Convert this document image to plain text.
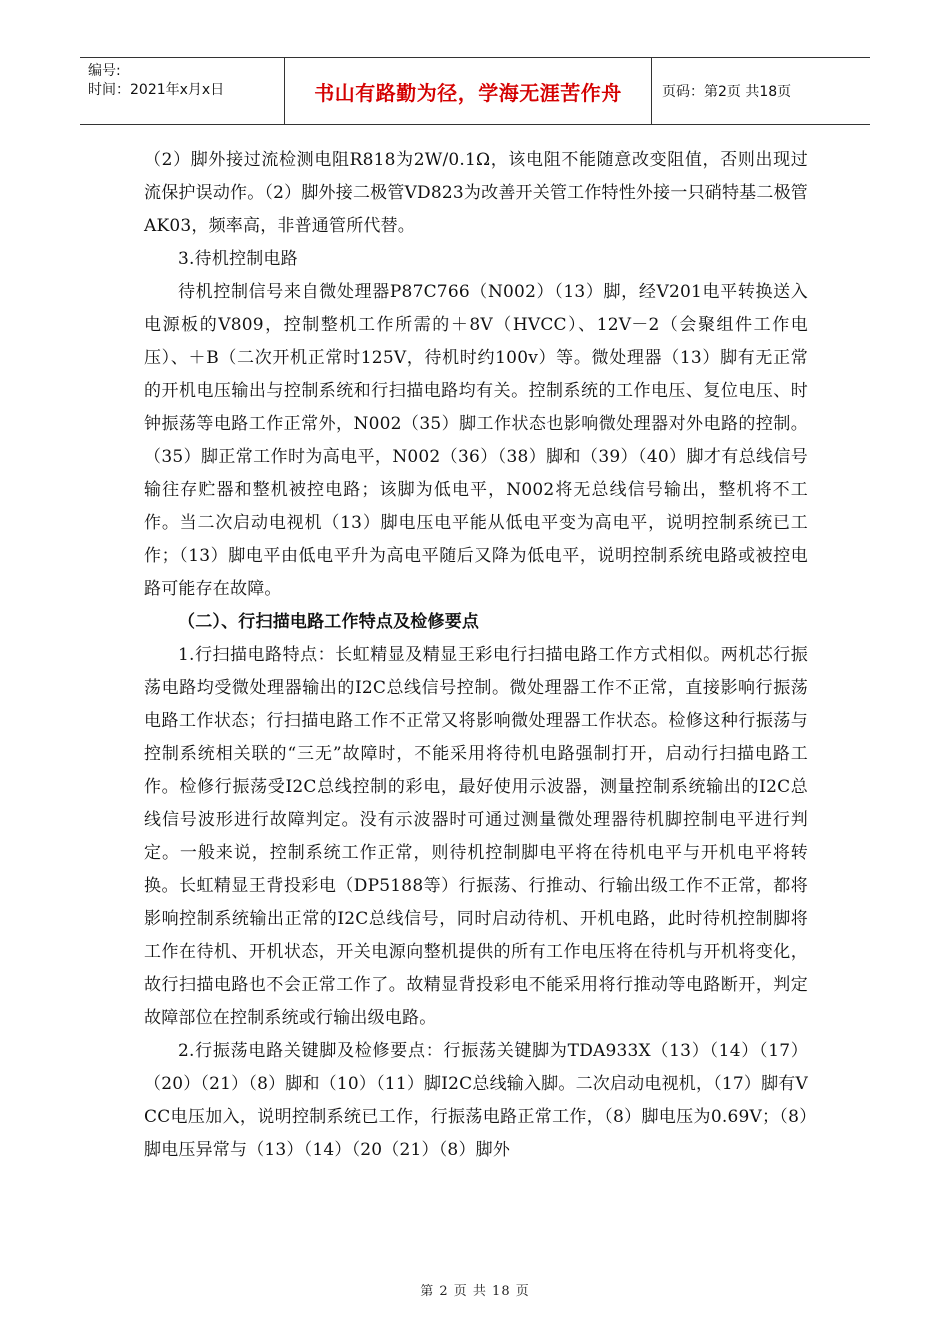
编号:
时间：2021年x月x日	书山有路勤为径，学海无涯苦作舟	页码：第2页 共18页

（2）脚外接过流检测电阻R818为2W/0.1Ω，该电阻不能随意改变阻值，否则出现过流保护误动作。（2）脚外接二极管VD823为改善开关管工作特性外接一只硝特基二极管AK03，频率高，非普通管所代替。

3.待机控制电路

待机控制信号来自微处理器P87C766（N002）（13）脚，经V201电平转换送入电源板的V809，控制整机工作所需的＋8V（HVCC）、12V－2（会聚组件工作电压）、＋B（二次开机正常时125V，待机时约100v）等。微处理器（13）脚有无正常的开机电压输出与控制系统和行扫描电路均有关。控制系统的工作电压、复位电压、时钟振荡等电路工作正常外，N002（35）脚工作状态也影响微处理器对外电路的控制。（35）脚正常工作时为高电平，N002（36）（38）脚和（39）（40）脚才有总线信号输往存贮器和整机被控电路；该脚为低电平，N002将无总线信号输出，整机将不工作。当二次启动电视机（13）脚电压电平能从低电平变为高电平，说明控制系统已工作；（13）脚电平由低电平升为高电平随后又降为低电平，说明控制系统电路或被控电路可能存在故障。

（二）、行扫描电路工作特点及检修要点

1.行扫描电路特点：长虹精显及精显王彩电行扫描电路工作方式相似。两机芯行振荡电路均受微处理器输出的I2C总线信号控制。微处理器工作不正常，直接影响行振荡电路工作状态；行扫描电路工作不正常又将影响微处理器工作状态。检修这种行振荡与控制系统相关联的“三无”故障时，不能采用将待机电路强制打开，启动行扫描电路工作。检修行振荡受I2C总线控制的彩电，最好使用示波器，测量控制系统输出的I2C总线信号波形进行故障判定。没有示波器时可通过测量微处理器待机脚控制电平进行判定。一般来说，控制系统工作正常，则待机控制脚电平将在待机电平与开机电平将转换。长虹精显王背投彩电（DP5188等）行振荡、行推动、行输出级工作不正常，都将影响控制系统输出正常的I2C总线信号，同时启动待机、开机电路，此时待机控制脚将工作在待机、开机状态，开关电源向整机提供的所有工作电压将在待机与开机将变化，故行扫描电路也不会正常工作了。故精显背投彩电不能采用将行推动等电路断开，判定故障部位在控制系统或行输出级电路。

2.行振荡电路关键脚及检修要点：行振荡关键脚为TDA933X（13）（14）（17）（20）（21）（8）脚和（10）（11）脚I2C总线输入脚。二次启动电视机，（17）脚有VCC电压加入，说明控制系统已工作，行振荡电路正常工作，（8）脚电压为0.69V；（8）脚电压异常与（13）（14）（20（21）（8）脚外

第 2 页 共 18 页
